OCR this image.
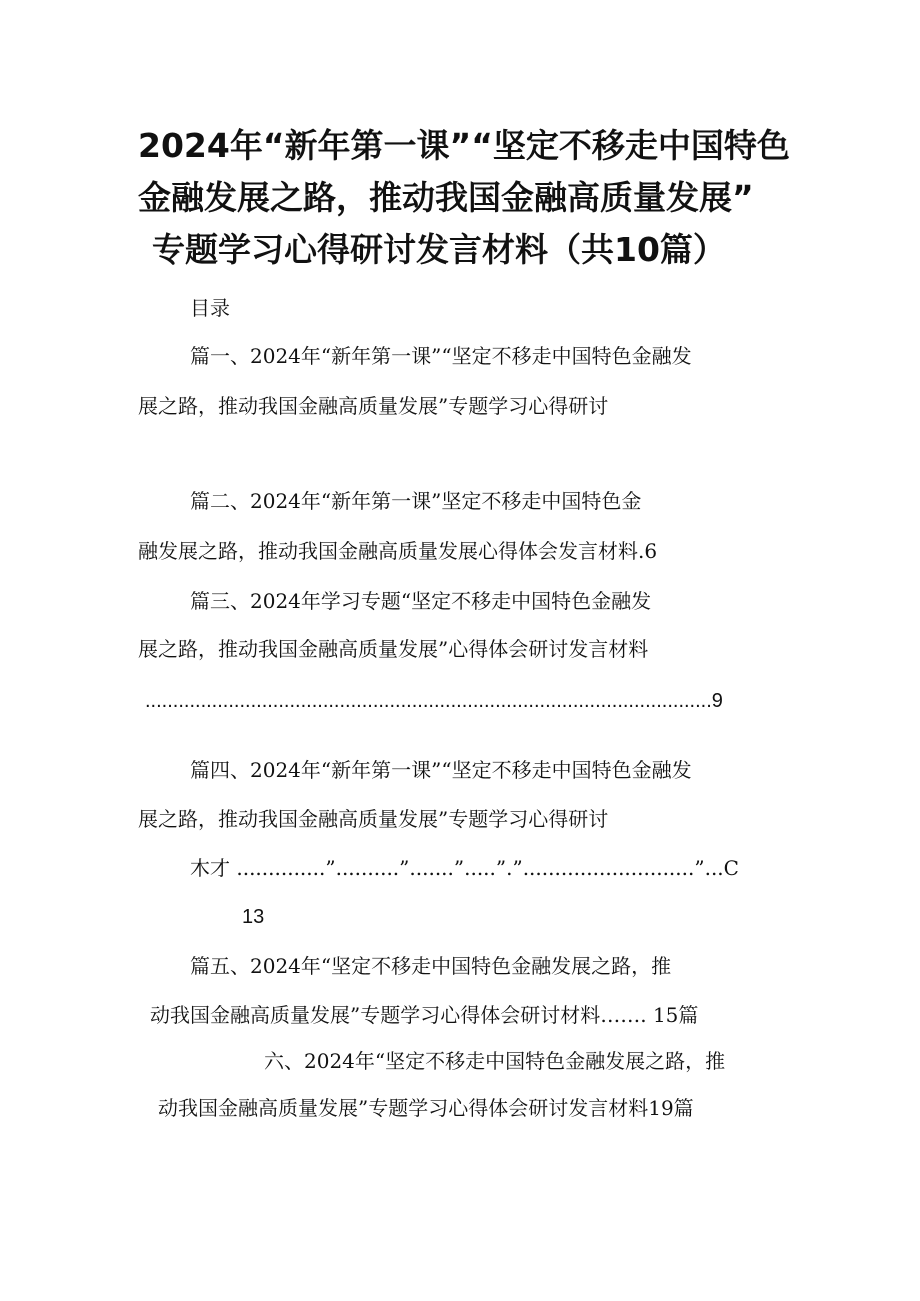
2024年“新年第一课”“坚定不移走中国特色
金融发展之路，推动我国金融高质量发展”
专题学习心得研讨发言材料（共10篇）
目录
篇一、2024年“新年第一课”“坚定不移走中国特色金融发
展之路，推动我国金融高质量发展”专题学习心得研讨
篇二、2024年“新年第一课”坚定不移走中国特色金
融发展之路，推动我国金融高质量发展心得体会发言材料.6
篇三、2024年学习专题“坚定不移走中国特色金融发
展之路，推动我国金融高质量发展”心得体会研讨发言材料
......................................................................................................9
篇四、2024年“新年第一课”“坚定不移走中国特色金融发
展之路，推动我国金融高质量发展”专题学习心得研讨
木才 ..............”..........”.......”.....”.”...........................”...C
13
篇五、2024年“坚定不移走中国特色金融发展之路，推
动我国金融高质量发展”专题学习心得体会研讨材料……. 15篇
六、2024年“坚定不移走中国特色金融发展之路，推
动我国金融高质量发展”专题学习心得体会研讨发言材料19篇
